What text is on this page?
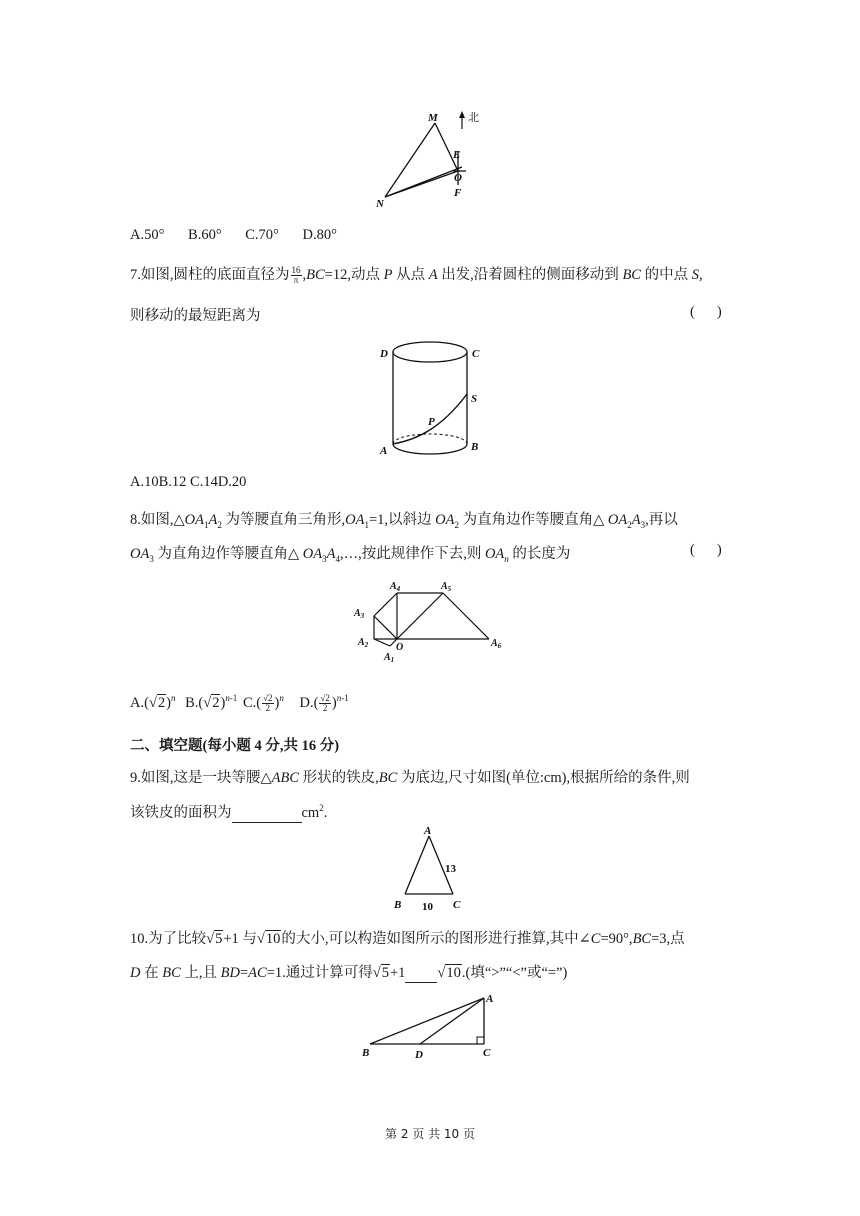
M
N
E
O
F
北
A.50° B.60° C.70° D.80°
7.如图,圆柱的底面直径为 $\frac{16}{\pi} ,BC=12$,动点 P 从点 A 出发,沿着圆柱的侧面移动到 BC 的中点 S,
则移动的最短距离为	()
D	C
A	B
P
S
A.10B.12 C.14D.20
8.如图$,\triangle OA_1A_2$ 为等腰直角三角形$,OA_1=1$,以斜边 $OA_2$ 为直角边作等腰直角△ $OA_2A_3$,再以
$OA_3$ 为直角边作等腰直角△ $OA_3A_4,\dots$,按此规律作下去,则 $OA_n$ 的长度为	()
$A_4$	$A_5$
$A_3$
$A_2$
$A_1$
O	$A_6$
$A.(√2)^n$ $B.(√2)^{n-1}$ $C.( \frac{√2}{2} )^n$ $D.( \frac{√2}{2} )^{n-1}$
二、填空题(每小题 4 分,共 16 分)
9.如图,这是一块等腰△ABC 形状的铁皮,BC 为底边,尺寸如图(单位:cm),根据所给的条件,则
该铁皮的面积为	$cm^2$.
A
B	C
13
10
10.为了比较√5+1 与√10的大小,可以构造如图所示的图形进行推算,其中∠C=90°,BC=3,点
D 在 BC 上,且 BD=AC=1.通过计算可得√5+1 √10.(填“>”“<”或“=”)
A
B	C
D
第 2 页 共 10 页
